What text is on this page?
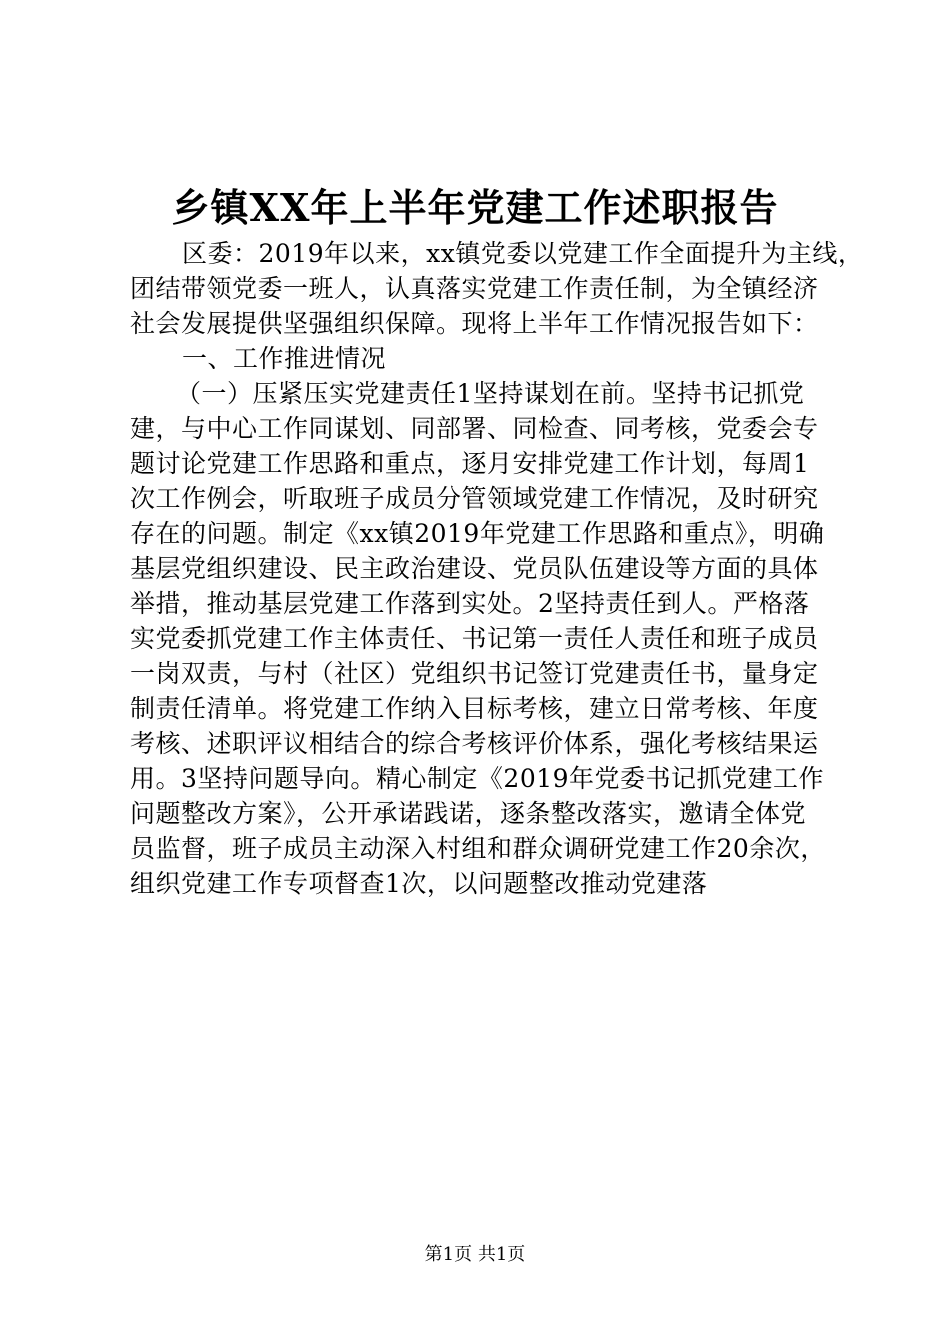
乡镇XX年上半年党建工作述职报告
区委：2019年以来，xx镇党委以党建工作全面提升为主线，
团结带领党委一班人，认真落实党建工作责任制，为全镇经济
社会发展提供坚强组织保障。现将上半年工作情况报告如下：
一、工作推进情况
（一）压紧压实党建责任1坚持谋划在前。坚持书记抓党
建，与中心工作同谋划、同部署、同检查、同考核，党委会专
题讨论党建工作思路和重点，逐月安排党建工作计划，每周1
次工作例会，听取班子成员分管领域党建工作情况，及时研究
存在的问题。制定《xx镇2019年党建工作思路和重点》，明确
基层党组织建设、民主政治建设、党员队伍建设等方面的具体
举措，推动基层党建工作落到实处。2坚持责任到人。严格落
实党委抓党建工作主体责任、书记第一责任人责任和班子成员
一岗双责，与村（社区）党组织书记签订党建责任书，量身定
制责任清单。将党建工作纳入目标考核，建立日常考核、年度
考核、述职评议相结合的综合考核评价体系，强化考核结果运
用。3坚持问题导向。精心制定《2019年党委书记抓党建工作
问题整改方案》，公开承诺践诺，逐条整改落实，邀请全体党
员监督，班子成员主动深入村组和群众调研党建工作20余次，
组织党建工作专项督查1次，以问题整改推动党建落
第1页 共1页
